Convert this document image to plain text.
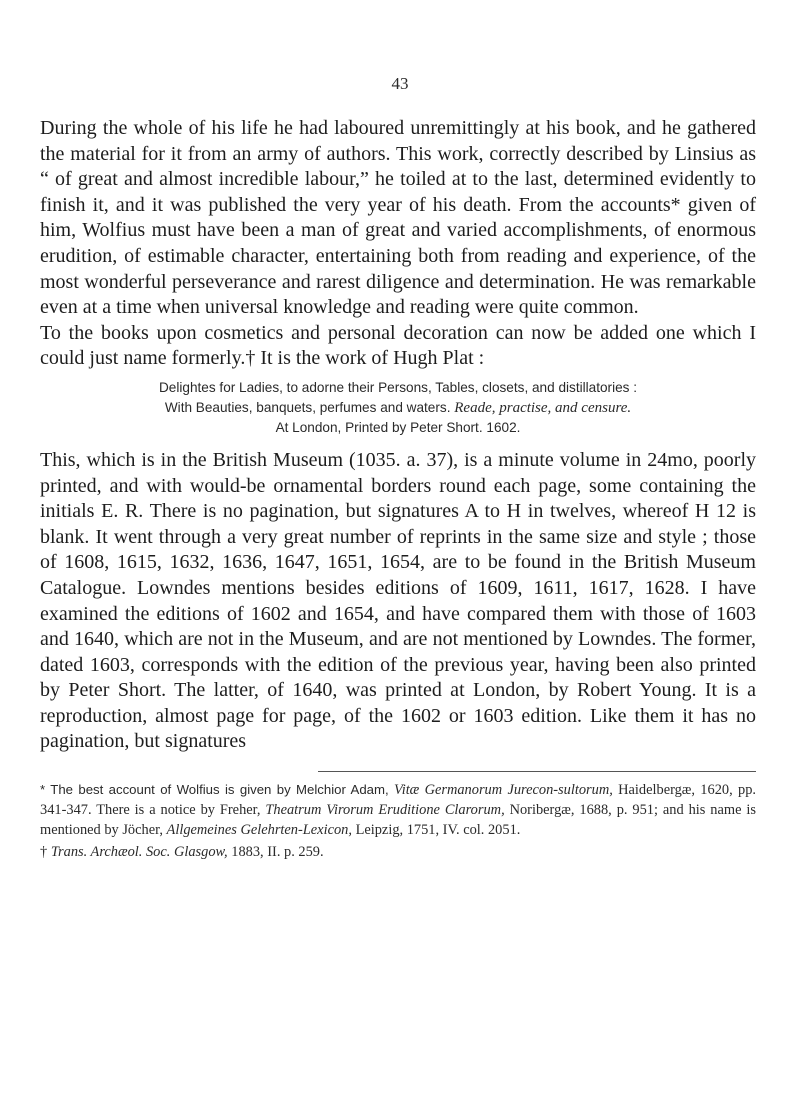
43

During the whole of his life he had laboured unremittingly at his book, and he gathered the material for it from an army of authors. This work, correctly described by Linsius as “ of great and almost incredible labour,” he toiled at to the last, determined evidently to finish it, and it was published the very year of his death. From the accounts* given of him, Wolfius must have been a man of great and varied accomplishments, of enormous erudition, of estimable character, entertaining both from reading and experience, of the most wonderful perseverance and rarest diligence and determination. He was remarkable even at a time when universal knowledge and reading were quite common.

To the books upon cosmetics and personal decoration can now be added one which I could just name formerly.† It is the work of Hugh Plat :

Delightes for Ladies, to adorne their Persons, Tables, closets, and distillatories :
With Beauties, banquets, perfumes and waters. Reade, practise, and censure.
At London, Printed by Peter Short. 1602.

This, which is in the British Museum (1035. a. 37), is a minute volume in 24mo, poorly printed, and with would-be ornamental borders round each page, some containing the initials E. R. There is no pagination, but signatures A to H in twelves, whereof H 12 is blank. It went through a very great number of reprints in the same size and style ; those of 1608, 1615, 1632, 1636, 1647, 1651, 1654, are to be found in the British Museum Catalogue. Lowndes mentions besides editions of 1609, 1611, 1617, 1628. I have examined the editions of 1602 and 1654, and have compared them with those of 1603 and 1640, which are not in the Museum, and are not mentioned by Lowndes. The former, dated 1603, corresponds with the edition of the previous year, having been also printed by Peter Short. The latter, of 1640, was printed at London, by Robert Young. It is a reproduction, almost page for page, of the 1602 or 1603 edition. Like them it has no pagination, but signatures

* The best account of Wolfius is given by Melchior Adam, Vitæ Germanorum Jurecon-sultorum, Haidelbergæ, 1620, pp. 341-347. There is a notice by Freher, Theatrum Virorum Eruditione Clarorum, Noribergæ, 1688, p. 951; and his name is mentioned by Jöcher, Allgemeines Gelehrten-Lexicon, Leipzig, 1751, IV. col. 2051.

† Trans. Archæol. Soc. Glasgow, 1883, II. p. 259.
